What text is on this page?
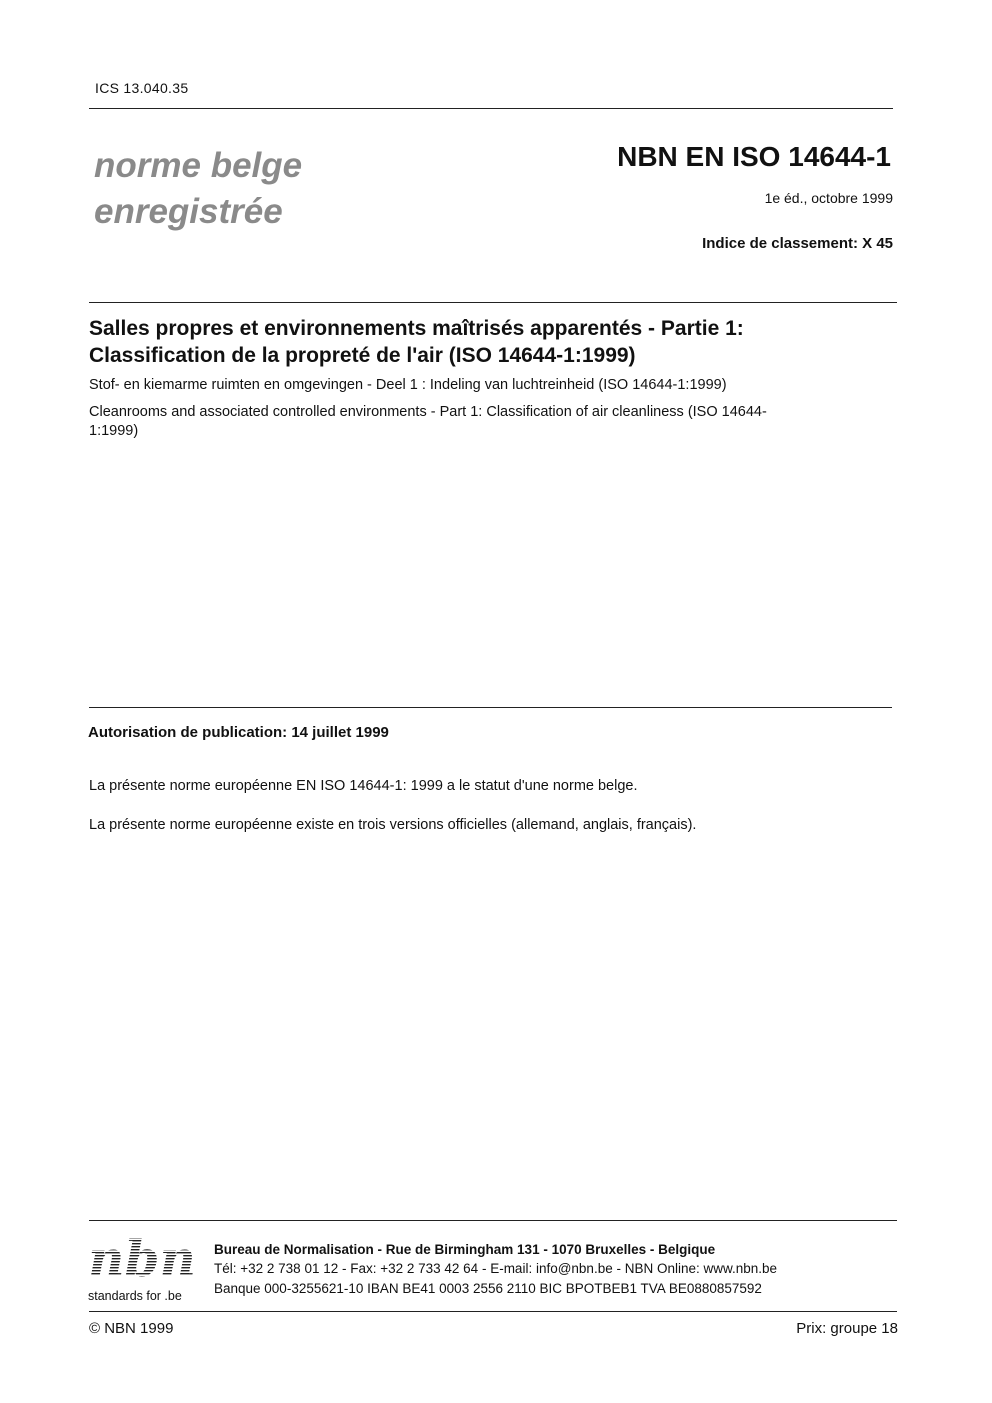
ICS 13.040.35
norme belge
enregistrée
NBN EN ISO 14644-1
1e éd., octobre 1999
Indice de classement: X 45
Salles propres et environnements maîtrisés apparentés - Partie 1:
Classification de la propreté de l'air (ISO 14644-1:1999)
Stof- en kiemarme ruimten en omgevingen - Deel 1 : Indeling van luchtreinheid (ISO 14644-1:1999)
Cleanrooms and associated controlled environments - Part 1: Classification of air cleanliness (ISO 14644-
1:1999)
Autorisation de publication: 14 juillet 1999
La présente norme européenne EN ISO 14644-1: 1999 a le statut d'une norme belge.
La présente norme européenne existe en trois versions officielles (allemand, anglais, français).
nbn
standards for .be
Bureau de Normalisation - Rue de Birmingham 131 - 1070 Bruxelles - Belgique
Tél: +32 2 738 01 12 - Fax: +32 2 733 42 64 - E-mail: info@nbn.be - NBN Online: www.nbn.be
Banque 000-3255621-10 IBAN BE41 0003 2556 2110 BIC BPOTBEB1 TVA BE0880857592
© NBN 1999	Prix: groupe 18
